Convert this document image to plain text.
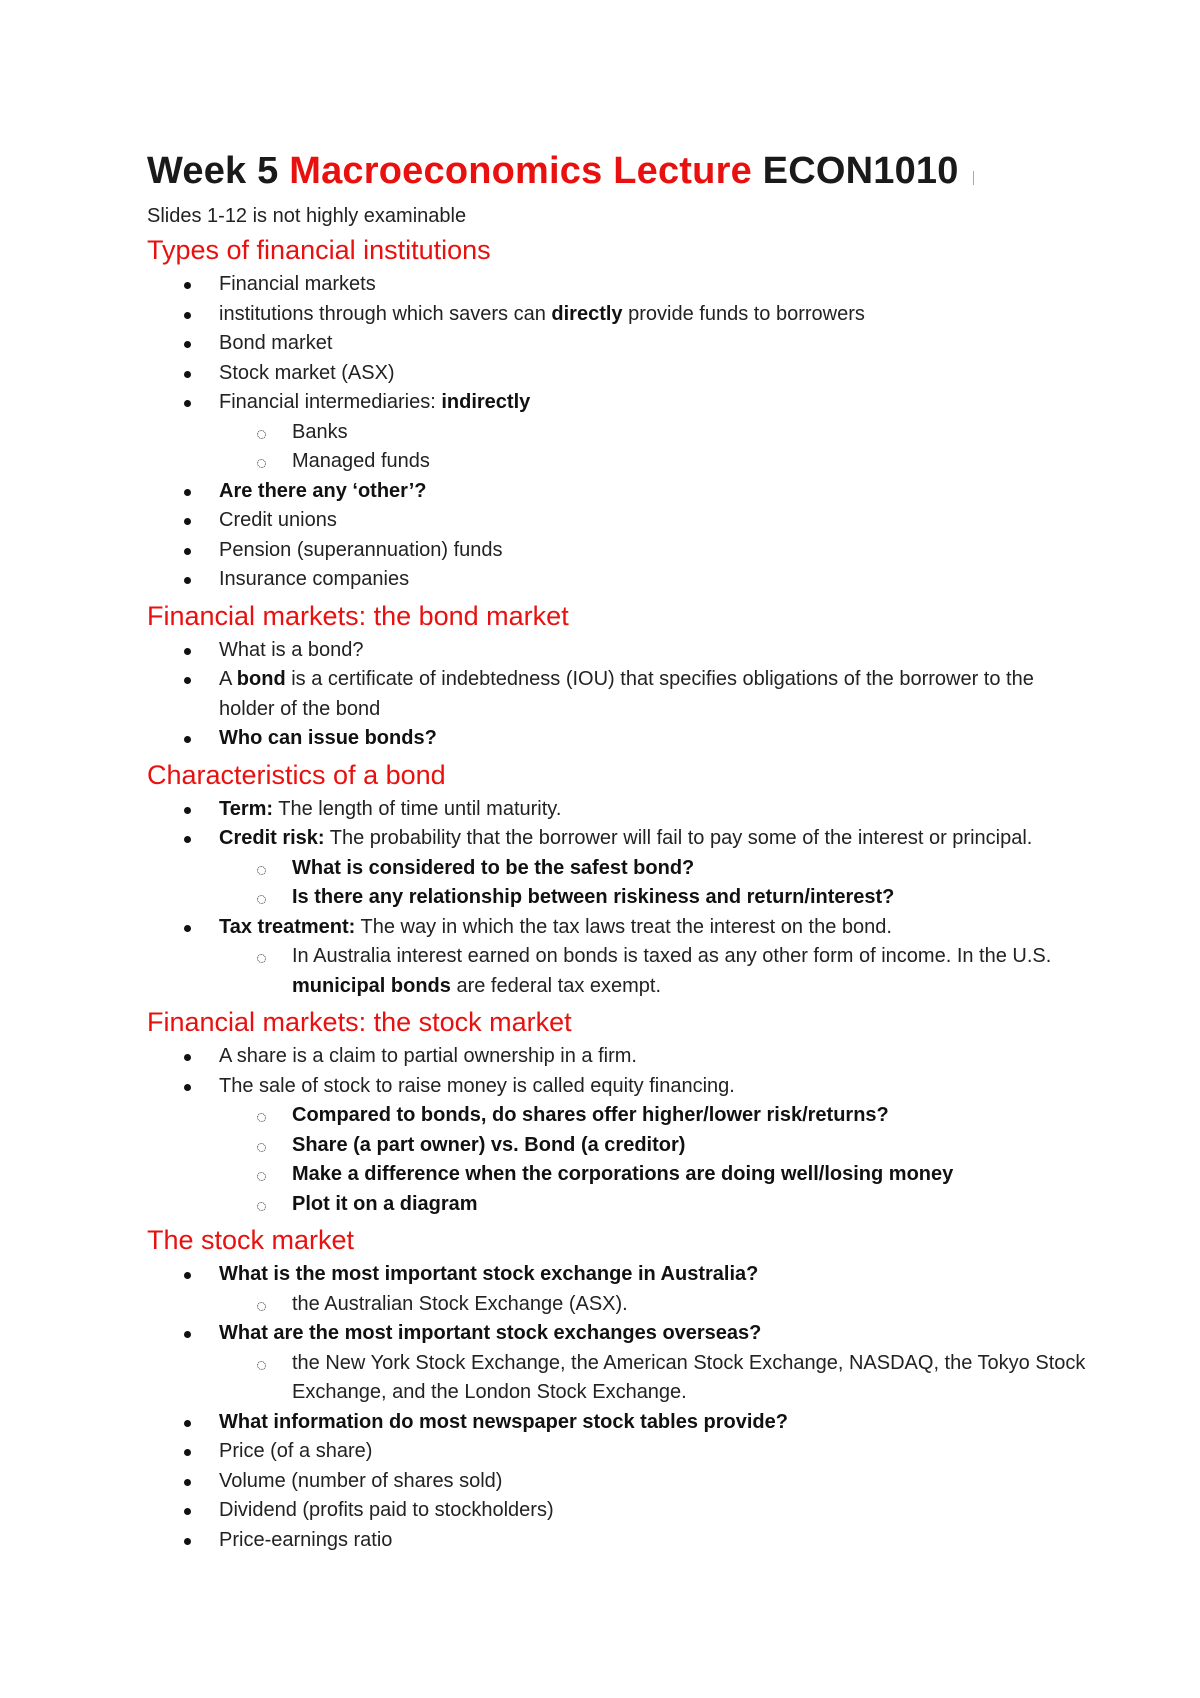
Week 5 Macroeconomics Lecture ECON1010

Slides 1-12 is not highly examinable

Types of financial institutions
Financial markets
institutions through which savers can directly provide funds to borrowers
Bond market
Stock market (ASX)
Financial intermediaries: indirectly
Banks
Managed funds
Are there any ‘other’?
Credit unions
Pension (superannuation) funds
Insurance companies
Financial markets: the bond market
What is a bond?
A bond is a certificate of indebtedness (IOU) that specifies obligations of the borrower to the holder of the bond
Who can issue bonds?
Characteristics of a bond
Term: The length of time until maturity.
Credit risk: The probability that the borrower will fail to pay some of the interest or principal.
What is considered to be the safest bond?
Is there any relationship between riskiness and return/interest?
Tax treatment: The way in which the tax laws treat the interest on the bond.
In Australia interest earned on bonds is taxed as any other form of income. In the U.S. municipal bonds are federal tax exempt.
Financial markets: the stock market
A share is a claim to partial ownership in a firm.
The sale of stock to raise money is called equity financing.
Compared to bonds, do shares offer higher/lower risk/returns?
Share (a part owner) vs. Bond (a creditor)
Make a difference when the corporations are doing well/losing money
Plot it on a diagram
The stock market
What is the most important stock exchange in Australia?
the Australian Stock Exchange (ASX).
What are the most important stock exchanges overseas?
the New York Stock Exchange, the American Stock Exchange, NASDAQ, the Tokyo Stock Exchange, and the London Stock Exchange.
What information do most newspaper stock tables provide?
Price (of a share)
Volume (number of shares sold)
Dividend (profits paid to stockholders)
Price-earnings ratio
